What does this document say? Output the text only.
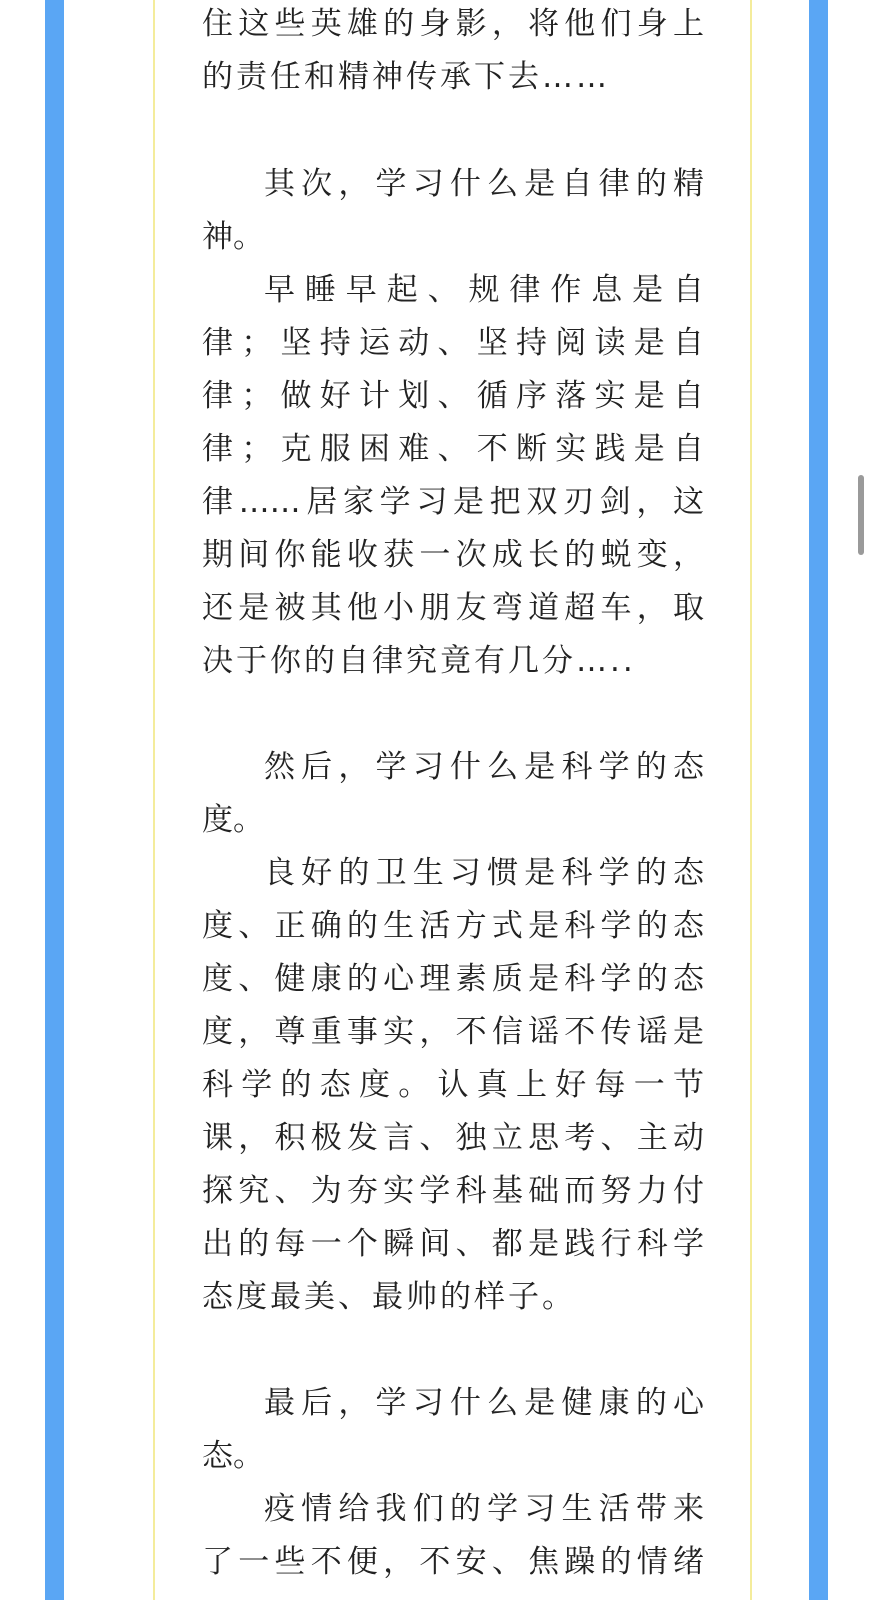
住这些英雄的身影，将他们身上
的责任和精神传承下去……
其次，学习什么是自律的精
神。
早睡早起、规律作息是自
律；坚持运动、坚持阅读是自
律；做好计划、循序落实是自
律；克服困难、不断实践是自
律……居家学习是把双刃剑，这
期间你能收获一次成长的蜕变，
还是被其他小朋友弯道超车，取
决于你的自律究竟有几分…..
然后，学习什么是科学的态
度。
良好的卫生习惯是科学的态
度、正确的生活方式是科学的态
度、健康的心理素质是科学的态
度，尊重事实，不信谣不传谣是
科学的态度。认真上好每一节
课，积极发言、独立思考、主动
探究、为夯实学科基础而努力付
出的每一个瞬间、都是践行科学
态度最美、最帅的样子。
最后，学习什么是健康的心
态。
疫情给我们的学习生活带来
了一些不便，不安、焦躁的情绪
